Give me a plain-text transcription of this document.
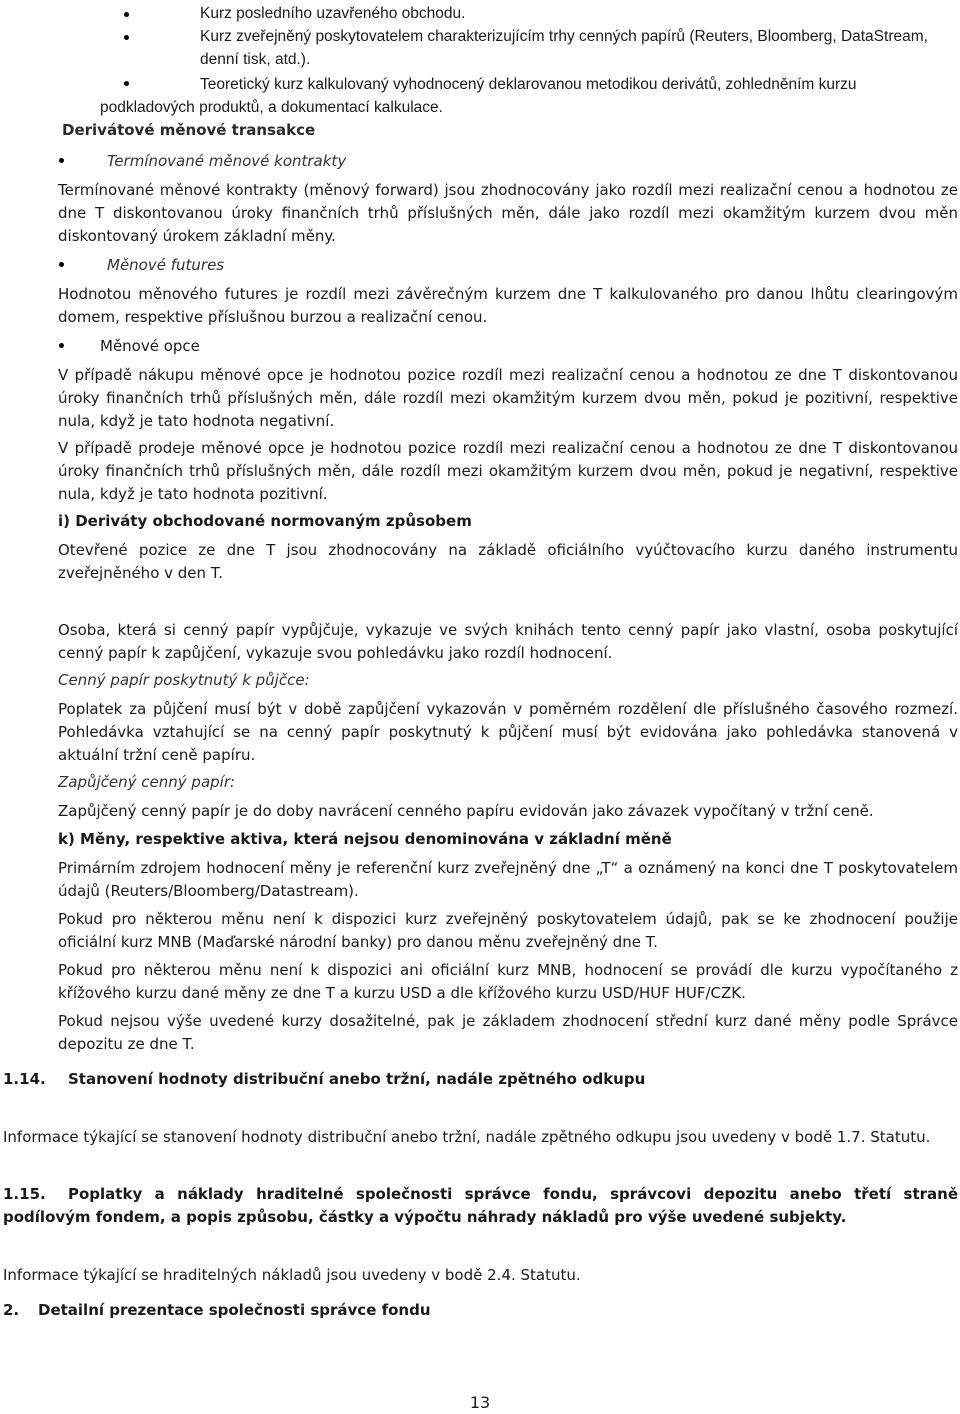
Kurz posledního uzavřeného obchodu.

Kurz zveřejněný poskytovatelem charakterizujícím trhy cenných papírů (Reuters, Bloomberg, DataStream, denní tisk, atd.).

Teoretický kurz kalkulovaný vyhodnocený deklarovanou metodikou derivátů, zohledněním kurzu podkladových produktů, a dokumentací kalkulace.

Derivátové měnové transakce

Termínované měnové kontrakty

Termínované měnové kontrakty (měnový forward) jsou zhodnocovány jako rozdíl mezi realizační cenou a hodnotou ze dne T diskontovanou úroky finančních trhů příslušných měn, dále jako rozdíl mezi okamžitým kurzem dvou měn diskontovaný úrokem základní měny.

Měnové futures

Hodnotou měnového futures je rozdíl mezi závěrečným kurzem dne T kalkulovaného pro danou lhůtu clearingovým domem, respektive příslušnou burzou a realizační cenou.

Měnové opce

V případě nákupu měnové opce je hodnotou pozice rozdíl mezi realizační cenou a hodnotou ze dne T diskontovanou úroky finančních trhů příslušných měn, dále rozdíl mezi okamžitým kurzem dvou měn, pokud je pozitivní, respektive nula, když je tato hodnota negativní.

V případě prodeje měnové opce je hodnotou pozice rozdíl mezi realizační cenou a hodnotou ze dne T diskontovanou úroky finančních trhů příslušných měn, dále rozdíl mezi okamžitým kurzem dvou měn, pokud je negativní, respektive nula, když je tato hodnota pozitivní.

i) Deriváty obchodované normovaným způsobem

Otevřené pozice ze dne T jsou zhodnocovány na základě oficiálního vyúčtovacího kurzu daného instrumentu zveřejněného v den T.

Osoba, která si cenný papír vypůjčuje, vykazuje ve svých knihách tento cenný papír jako vlastní, osoba poskytující cenný papír k zapůjčení, vykazuje svou pohledávku jako rozdíl hodnocení.

Cenný papír poskytnutý k půjčce:

Poplatek za půjčení musí být v době zapůjčení vykazován v poměrném rozdělení dle příslušného časového rozmezí. Pohledávka vztahující se na cenný papír poskytnutý k půjčení musí být evidována jako pohledávka stanovená v aktuální tržní ceně papíru.

Zapůjčený cenný papír:

Zapůjčený cenný papír je do doby navrácení cenného papíru evidován jako závazek vypočítaný v tržní ceně.

k) Měny, respektive aktiva, která nejsou denominována v základní měně

Primárním zdrojem hodnocení měny je referenční kurz zveřejněný dne „T“ a oznámený na konci dne T poskytovatelem údajů (Reuters/Bloomberg/Datastream).

Pokud pro některou měnu není k dispozici kurz zveřejněný poskytovatelem údajů, pak se ke zhodnocení použije oficiální kurz MNB (Maďarské národní banky) pro danou měnu zveřejněný dne T.

Pokud pro některou měnu není k dispozici ani oficiální kurz MNB, hodnocení se provádí dle kurzu vypočítaného z křížového kurzu dané měny ze dne T a kurzu USD a dle křížového kurzu USD/HUF HUF/CZK.

Pokud nejsou výše uvedené kurzy dosažitelné, pak je základem zhodnocení střední kurz dané měny podle Správce depozitu ze dne T.

1.14.	Stanovení hodnoty distribuční anebo tržní, nadále zpětného odkupu

Informace týkající se stanovení hodnoty distribuční anebo tržní, nadále zpětného odkupu jsou uvedeny v bodě 1.7. Statutu.

1.15.	Poplatky a náklady hraditelné společnosti správce fondu, správcovi depozitu anebo třetí straně podílovým fondem, a popis způsobu, částky a výpočtu náhrady nákladů pro výše uvedené subjekty.

Informace týkající se hraditelných nákladů jsou uvedeny v bodě 2.4. Statutu.

2.	Detailní prezentace společnosti správce fondu

13
